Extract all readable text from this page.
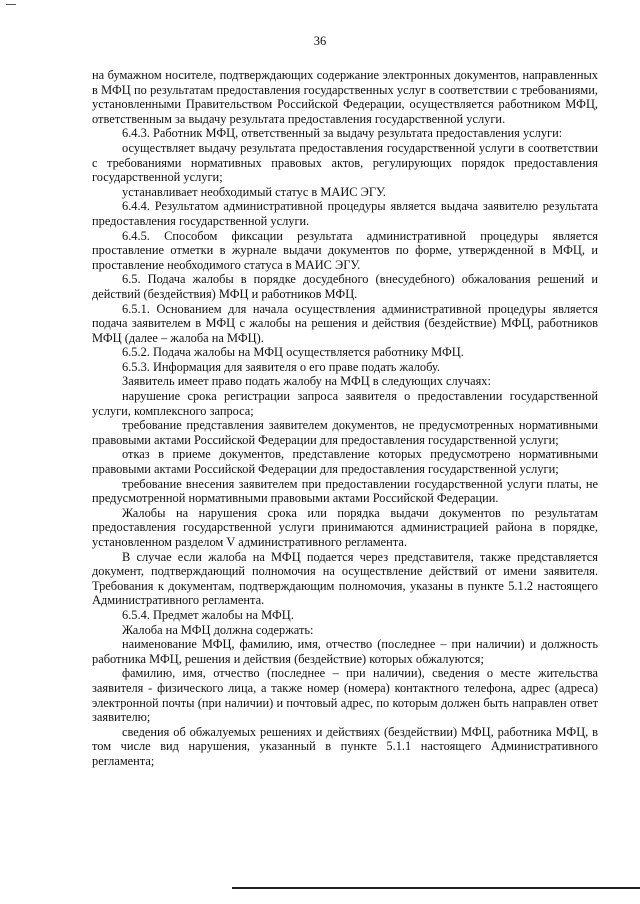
36

на бумажном носителе, подтверждающих содержание электронных документов, направленных в МФЦ по результатам предоставления государственных услуг в соответствии с требованиями, установленными Правительством Российской Федерации, осуществляется работником МФЦ, ответственным за выдачу результата предоставления государственной услуги.

6.4.3. Работник МФЦ, ответственный за выдачу результата предоставления услуги:

осуществляет выдачу результата предоставления государственной услуги в соответствии с требованиями нормативных правовых актов, регулирующих порядок предоставления государственной услуги;

устанавливает необходимый статус в МАИС ЭГУ.

6.4.4. Результатом административной процедуры является выдача заявителю результата предоставления государственной услуги.

6.4.5. Способом фиксации результата административной процедуры является проставление отметки в журнале выдачи документов по форме, утвержденной в МФЦ, и проставление необходимого статуса в МАИС ЭГУ.

6.5. Подача жалобы в порядке досудебного (внесудебного) обжалования решений и действий (бездействия) МФЦ и работников МФЦ.

6.5.1. Основанием для начала осуществления административной процедуры является подача заявителем в МФЦ с жалобы на решения и действия (бездействие) МФЦ, работников МФЦ (далее – жалоба на МФЦ).

6.5.2. Подача жалобы на МФЦ осуществляется работнику МФЦ.

6.5.3. Информация для заявителя о его праве подать жалобу.

Заявитель имеет право подать жалобу на МФЦ в следующих случаях:

нарушение срока регистрации запроса заявителя о предоставлении государственной услуги, комплексного запроса;

требование представления заявителем документов, не предусмотренных нормативными правовыми актами Российской Федерации для предоставления государственной услуги;

отказ в приеме документов, представление которых предусмотрено нормативными правовыми актами Российской Федерации для предоставления государственной услуги;

требование внесения заявителем при предоставлении государственной услуги платы, не предусмотренной нормативными правовыми актами Российской Федерации.

Жалобы на нарушения срока или порядка выдачи документов по результатам предоставления государственной услуги принимаются администрацией района в порядке, установленном разделом V административного регламента.

В случае если жалоба на МФЦ подается через представителя, также представляется документ, подтверждающий полномочия на осуществление действий от имени заявителя. Требования к документам, подтверждающим полномочия, указаны в пункте 5.1.2 настоящего Административного регламента.

6.5.4. Предмет жалобы на МФЦ.

Жалоба на МФЦ должна содержать:

наименование МФЦ, фамилию, имя, отчество (последнее – при наличии) и должность работника МФЦ, решения и действия (бездействие) которых обжалуются;

фамилию, имя, отчество (последнее – при наличии), сведения о месте жительства заявителя - физического лица, а также номер (номера) контактного телефона, адрес (адреса) электронной почты (при наличии) и почтовый адрес, по которым должен быть направлен ответ заявителю;

сведения об обжалуемых решениях и действиях (бездействии) МФЦ, работника МФЦ, в том числе вид нарушения, указанный в пункте 5.1.1 настоящего Административного регламента;
